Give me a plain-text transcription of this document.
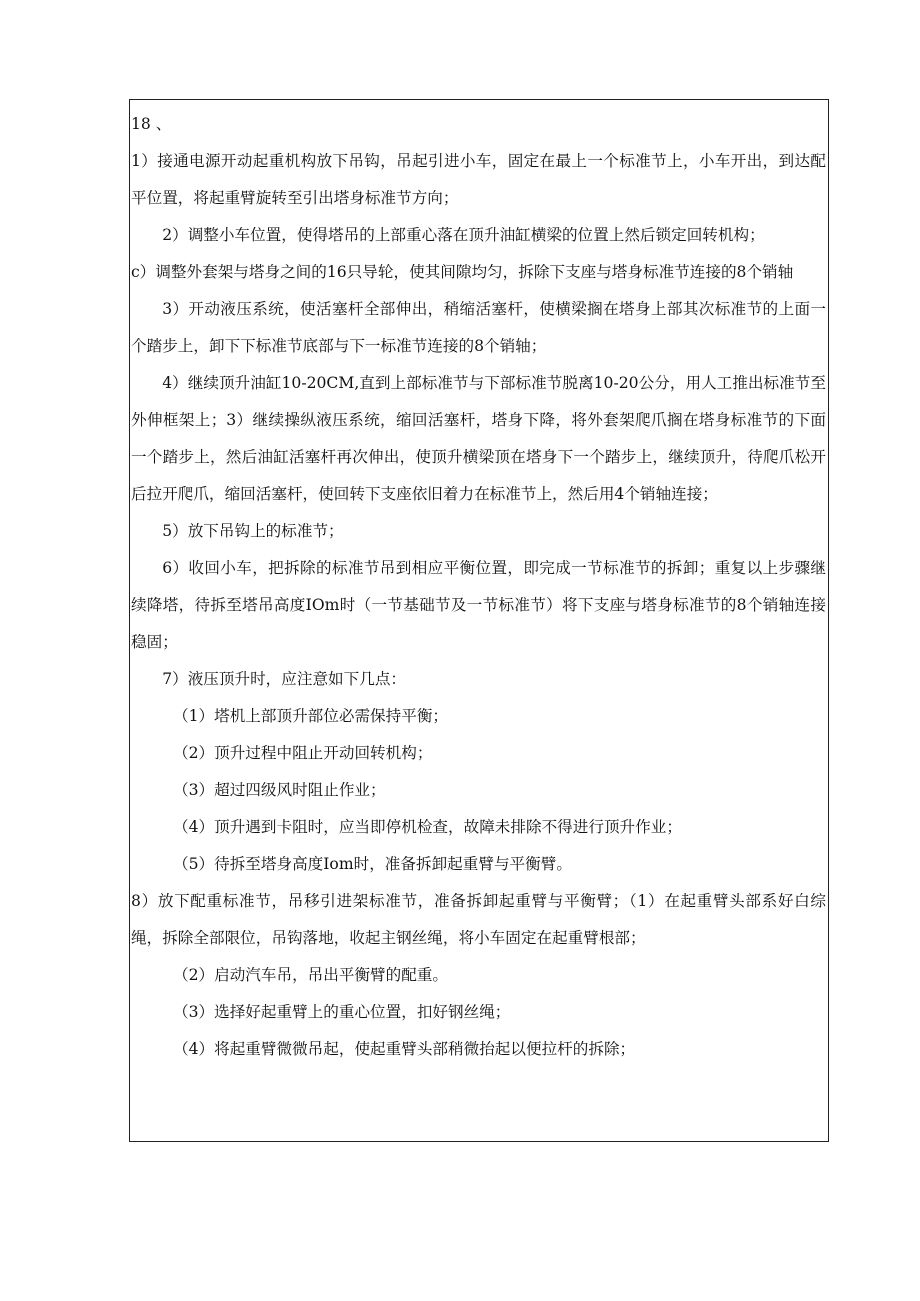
18 、

1）接通电源开动起重机构放下吊钩，吊起引进小车，固定在最上一个标准节上，小车开出，到达配平位置，将起重臂旋转至引出塔身标准节方向；

2）调整小车位置，使得塔吊的上部重心落在顶升油缸横梁的位置上然后锁定回转机构；

c）调整外套架与塔身之间的16只导轮，使其间隙均匀，拆除下支座与塔身标准节连接的8个销轴

3）开动液压系统，使活塞杆全部伸出，稍缩活塞杆，使横梁搁在塔身上部其次标准节的上面一个踏步上，卸下下标准节底部与下一标准节连接的8个销轴；

4）继续顶升油缸10-20CM,直到上部标准节与下部标准节脱离10-20公分，用人工推出标准节至外伸框架上；3）继续操纵液压系统，缩回活塞杆，塔身下降，将外套架爬爪搁在塔身标准节的下面一个踏步上，然后油缸活塞杆再次伸出，使顶升横梁顶在塔身下一个踏步上，继续顶升，待爬爪松开后拉开爬爪，缩回活塞杆，使回转下支座依旧着力在标准节上，然后用4个销轴连接；

5）放下吊钩上的标准节；

6）收回小车，把拆除的标准节吊到相应平衡位置，即完成一节标准节的拆卸；重复以上步骤继续降塔，待拆至塔吊高度IOm时（一节基础节及一节标准节）将下支座与塔身标准节的8个销轴连接稳固；

7）液压顶升时，应注意如下几点：

（1）塔机上部顶升部位必需保持平衡；

（2）顶升过程中阻止开动回转机构；

（3）超过四级风时阻止作业；

（4）顶升遇到卡阻时，应当即停机检查，故障未排除不得进行顶升作业；

（5）待拆至塔身高度Iom时，准备拆卸起重臂与平衡臂。

8）放下配重标准节，吊移引进架标准节，准备拆卸起重臂与平衡臂；（1）在起重臂头部系好白综绳，拆除全部限位，吊钩落地，收起主钢丝绳，将小车固定在起重臂根部；

（2）启动汽车吊，吊出平衡臂的配重。

（3）选择好起重臂上的重心位置，扣好钢丝绳；

（4）将起重臂微微吊起，使起重臂头部稍微抬起以便拉杆的拆除；
